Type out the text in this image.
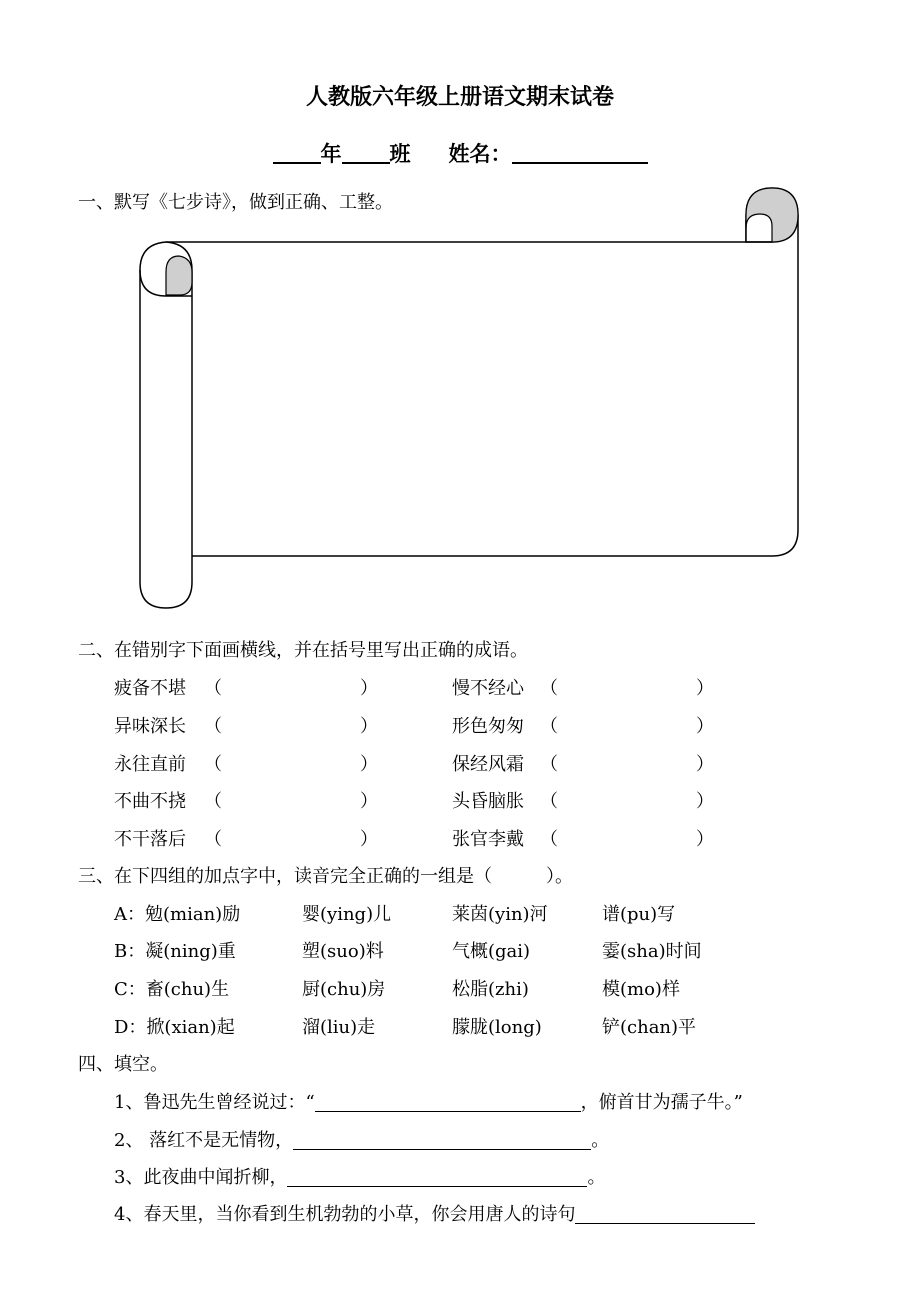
人教版六年级上册语文期末试卷
年 班 姓名：
一、默写《七步诗》，做到正确、工整。
二、在错别字下面画横线，并在括号里写出正确的成语。
疲备不堪 （	）	慢不经心 （	）
异味深长 （	）	形色匆匆 （	）
永往直前 （	）	保经风霜 （	）
不曲不挠 （	）	头昏脑胀 （	）
不干落后 （	）	张官李戴 （	）
三、在下四组的加点字中，读音完全正确的一组是（　　　）。
A：勉(mian)励	婴(ying)儿	莱茵(yin)河	谱(pu)写
B：凝(ning)重	塑(suo)料	气概(gai)	霎(sha)时间
C：畜(chu)生	厨(chu)房	松脂(zhi)	模(mo)样
D：掀(xian)起	溜(liu)走	朦胧(long)	铲(chan)平
四、填空。
1、鲁迅先生曾经说过：“	，俯首甘为孺子牛。”
2、 落红不是无情物，	。
3、此夜曲中闻折柳，	。
4、春天里，当你看到生机勃勃的小草，你会用唐人的诗句
